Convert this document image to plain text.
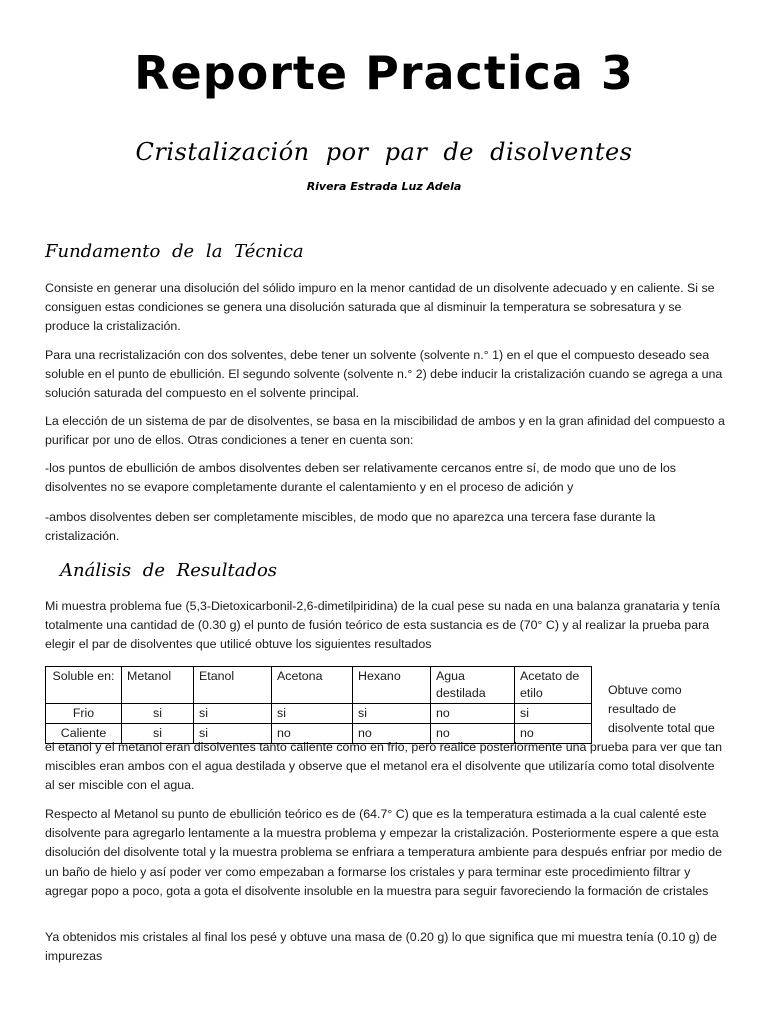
Reporte Practica 3
Cristalización por par de disolventes
Rivera Estrada Luz Adela
Fundamento de la Técnica

Consiste en generar una disolución del sólido impuro en la menor cantidad de un disolvente adecuado y en caliente. Si se consiguen estas condiciones se genera una disolución saturada que al disminuir la temperatura se sobresatura y se produce la cristalización.

Para una recristalización con dos solventes, debe tener un solvente (solvente n.° 1) en el que el compuesto deseado sea soluble en el punto de ebullición. El segundo solvente (solvente n.° 2) debe inducir la cristalización cuando se agrega a una solución saturada del compuesto en el solvente principal.

La elección de un sistema de par de disolventes, se basa en la miscibilidad de ambos y en la gran afinidad del compuesto a purificar por uno de ellos. Otras condiciones a tener en cuenta son:

-los puntos de ebullición de ambos disolventes deben ser relativamente cercanos entre sí, de modo que uno de los disolventes no se evapore completamente durante el calentamiento y en el proceso de adición y

-ambos disolventes deben ser completamente miscibles, de modo que no aparezca una tercera fase durante la cristalización.

Análisis de Resultados

Mi muestra problema fue (5,3-Dietoxicarbonil-2,6-dimetilpiridina) de la cual pese su nada en una balanza granataria y tenía totalmente una cantidad de (0.30 g) el punto de fusión teórico de esta sustancia es de (70° C) y al realizar la prueba para elegir el par de disolventes que utilicé obtuve los siguientes resultados

Soluble en:	Metanol	Etanol	Acetona	Hexano	Agua destilada	Acetato de etilo
Frio	si	si	si	si	no	si
Caliente	si	si	no	no	no	no
Obtuve como resultado de disolvente total que

el etanol y el metanol eran disolventes tanto caliente como en frio, pero realice posteriormente una prueba para ver que tan miscibles eran ambos con el agua destilada y observe que el metanol era el disolvente que utilizaría como total disolvente al ser miscible con el agua.

Respecto al Metanol su punto de ebullición teórico es de (64.7° C) que es la temperatura estimada a la cual calenté este disolvente para agregarlo lentamente a la muestra problema y empezar la cristalización. Posteriormente espere a que esta disolución del disolvente total y la muestra problema se enfriara a temperatura ambiente para después enfriar por medio de un baño de hielo y así poder ver como empezaban a formarse los cristales y para terminar este procedimiento filtrar y agregar popo a poco, gota a gota el disolvente insoluble en la muestra para seguir favoreciendo la formación de cristales

Ya obtenidos mis cristales al final los pesé y obtuve una masa de (0.20 g) lo que significa que mi muestra tenía (0.10 g) de impurezas
